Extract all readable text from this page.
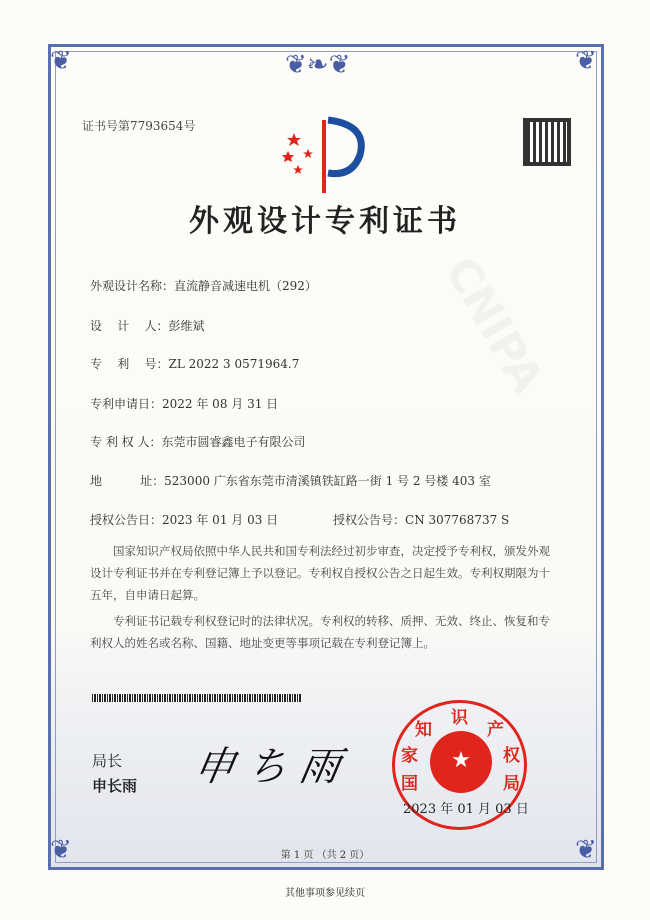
❦❧❦
❦	❦
❦	❦
证书号第7793654号
外观设计专利证书
外观设计名称：直流静音减速电机（292）
设    计    人：彭维斌
专    利    号：ZL 2022 3 0571964.7
专利申请日：2022 年 08 月 31 日
专 利 权 人：东莞市圆睿鑫电子有限公司
地          址：523000 广东省东莞市清溪镇铁缸路一街 1 号 2 号楼 403 室
授权公告日：2023 年 01 月 03 日	授权公告号：CN 307768737 S
国家知识产权局依照中华人民共和国专利法经过初步审查，决定授予专利权，颁发外观设计专利证书并在专利登记簿上予以登记。专利权自授权公告之日起生效。专利权期限为十五年，自申请日起算。
专利证书记载专利权登记时的法律状况。专利权的转移、质押、无效、终止、恢复和专利权人的姓名或名称、国籍、地址变更等事项记载在专利登记簿上。
局长
申长雨 申 ち 雨	★
国
家
知
识
产
权
局
2023 年 01 月 03 日
第 1 页 （共 2 页）
其他事项参见续页
